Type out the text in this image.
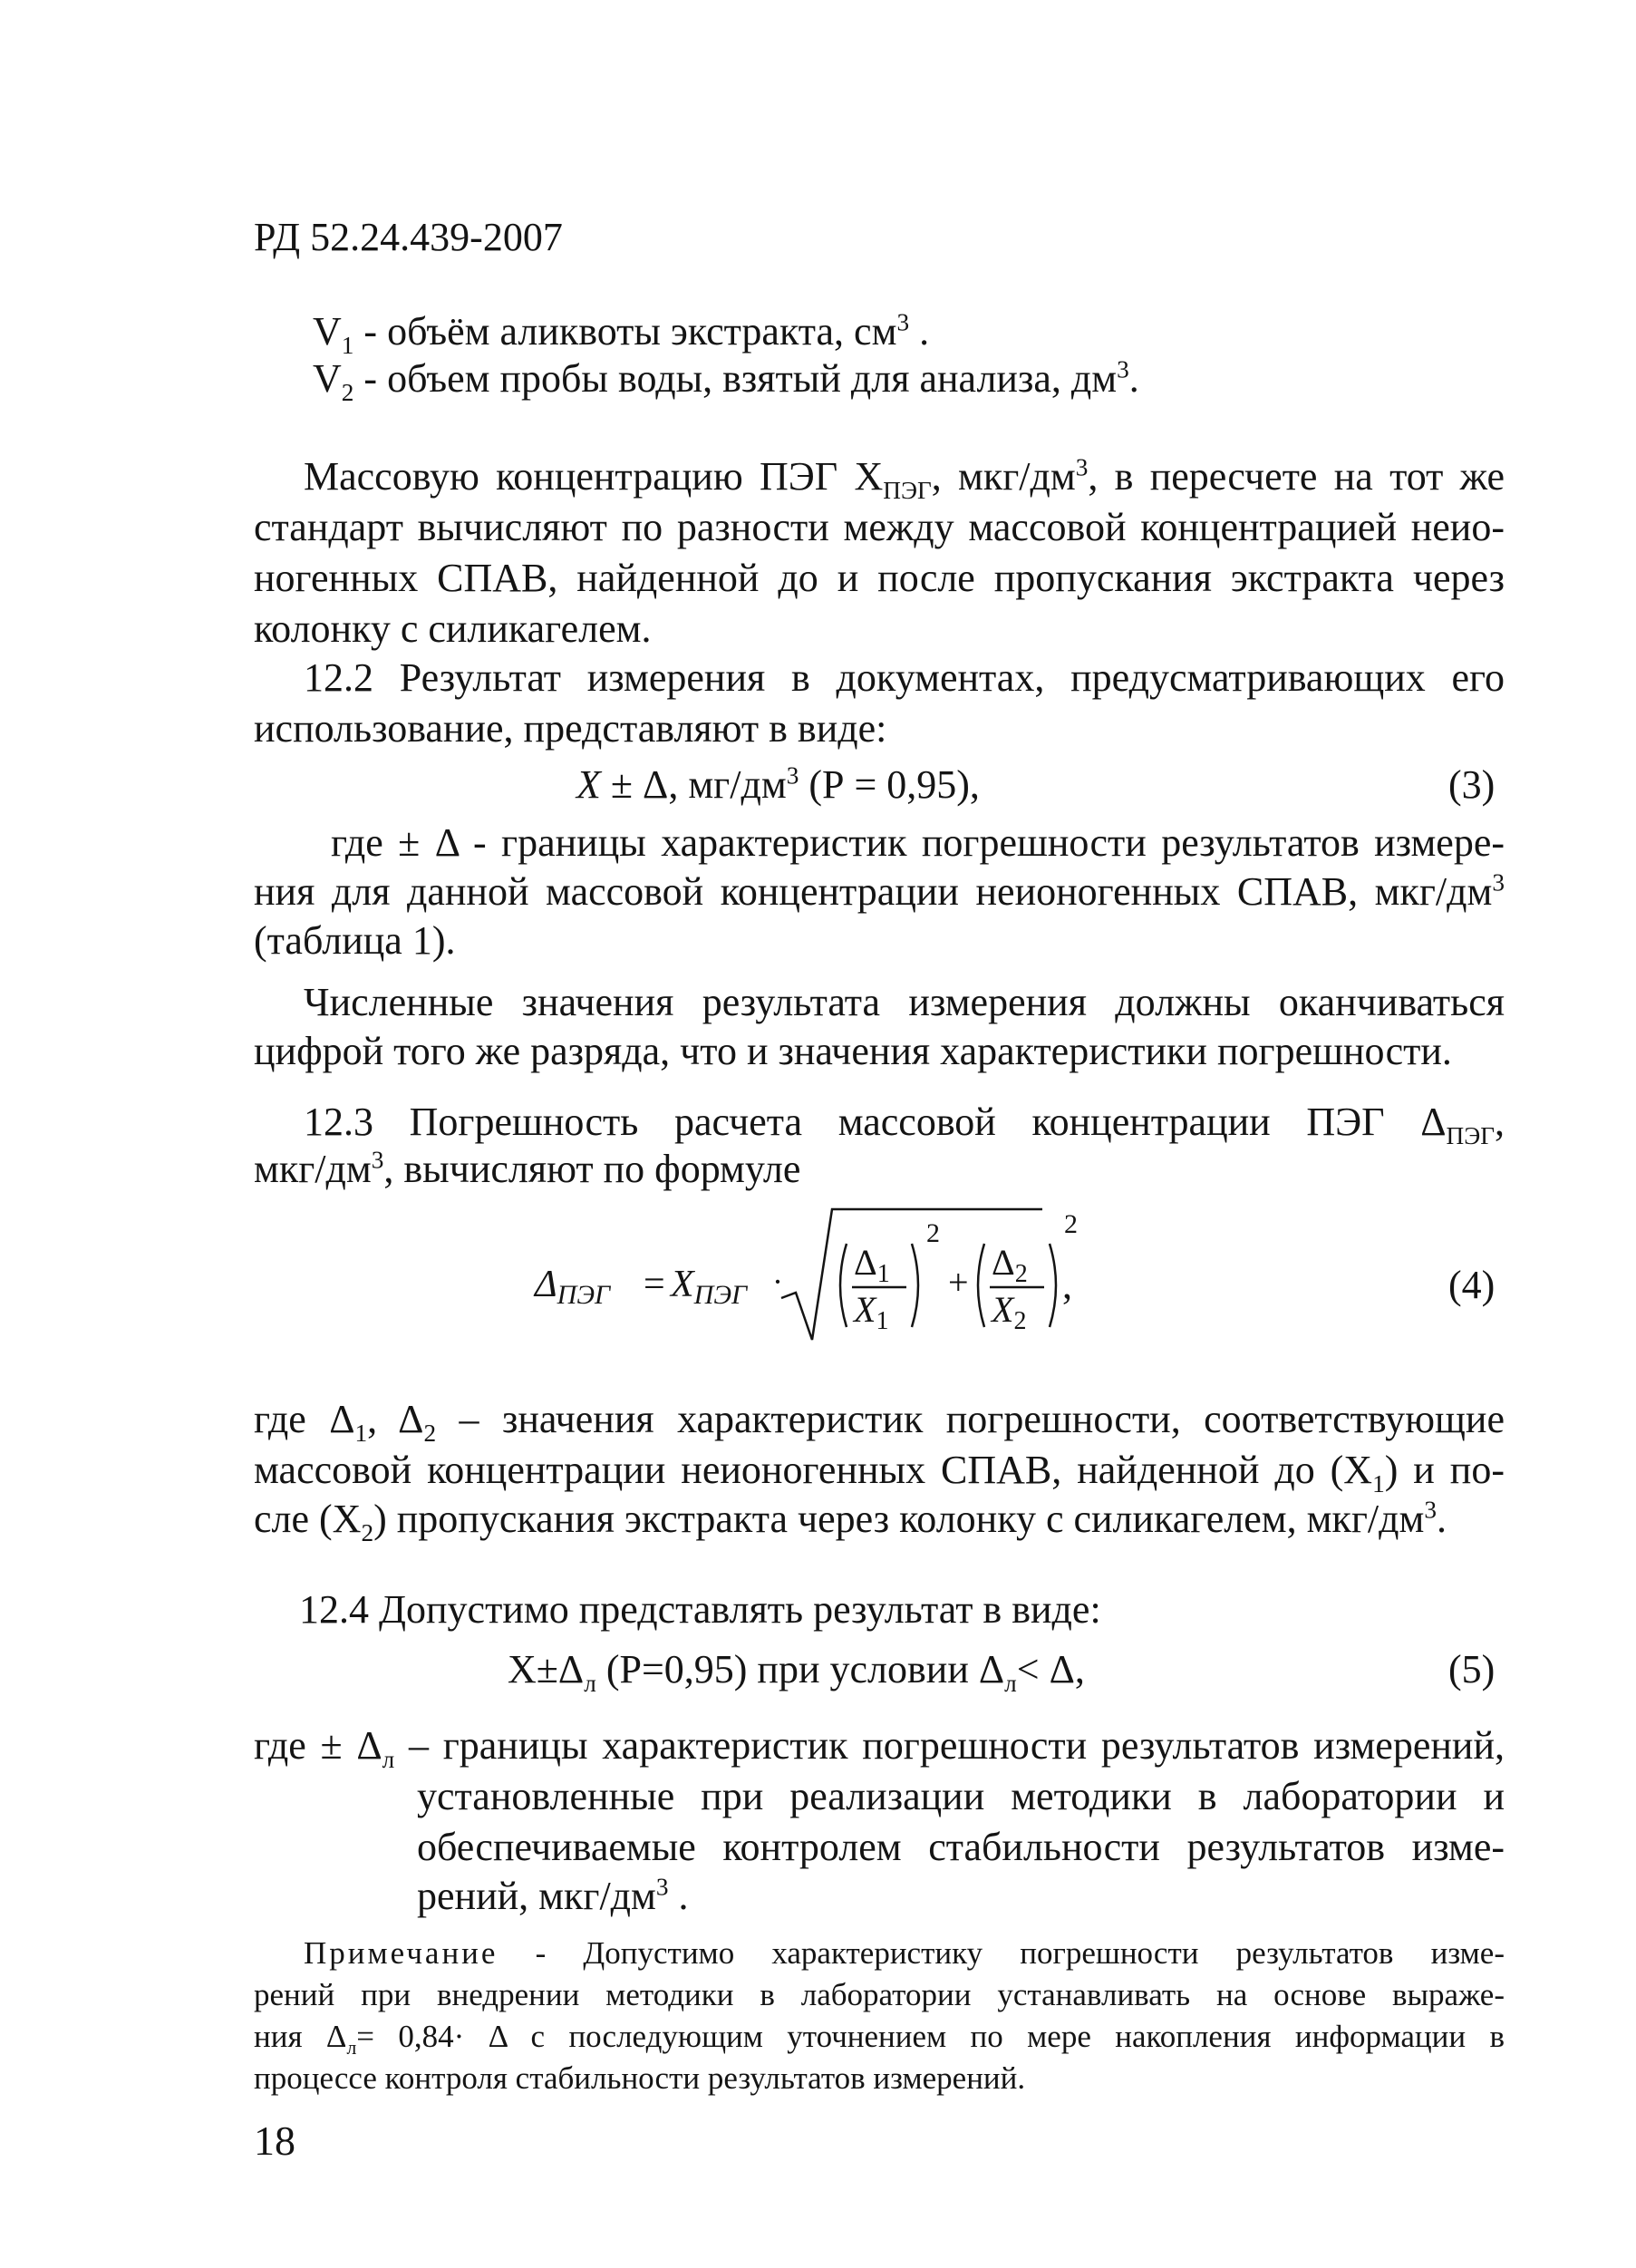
РД 52.24.439-2007
$V_1$ - объём аликвоты экстракта, $см^3$ .
$V_2$ - объем пробы воды, взятый для анализа, $дм^3$.
Массовую концентрацию ПЭГ $Х_{ПЭГ}$, мкг/$дм^3$, в пересчете на тот же
стандарт вычисляют по разности между массовой концентрацией неио-
ногенных СПАВ, найденной до и после пропускания экстракта через
колонку с силикагелем.
12.2 Результат измерения в документах, предусматривающих его
использование, представляют в виде:
X ± Δ, $мг/дм^3$ (Р = 0,95),	(3)
где ± Δ - границы характеристик погрешности результатов измере-
ния для данной массовой концентрации неионогенных СПАВ, мкг/$дм^3$
(таблица 1).
Численные значения результата измерения должны оканчиваться
цифрой того же разряда, что и значения характеристики погрешности.
12.3 Погрешность расчета массовой концентрации ПЭГ $\Delta_{ПЭГ}$,
мкг/$дм^3$, вычисляют по формуле
ΔПЭГ = XПЭГ · $\Delta_1$
$X_1$
2
+ $\Delta_2$
$X_2$
2
,	(4)
где $\Delta_1$, $\Delta_2$ – значения характеристик погрешности, соответствующие
массовой концентрации неионогенных СПАВ, найденной до $(X_1)$ и по-
сле $(X_2)$ пропускания экстракта через колонку с силикагелем, мкг/$дм^3$.
12.4 Допустимо представлять результат в виде:
$X\pm\Delta_л$ (Р=0,95) при условии $\Delta_л< \Delta$,	(5)
где ± $\Delta_л$ – границы характеристик погрешности результатов измерений,
установленные при реализации методики в лаборатории и
обеспечиваемые контролем стабильности результатов изме-
рений, мкг/$дм^3$ .
Примечание - Допустимо характеристику погрешности результатов изме-
рений при внедрении методики в лаборатории устанавливать на основе выраже-
ния $\Delta_л= 0,84\cdot \Delta$ с последующим уточнением по мере накопления информации в
процессе контроля стабильности результатов измерений.
18
